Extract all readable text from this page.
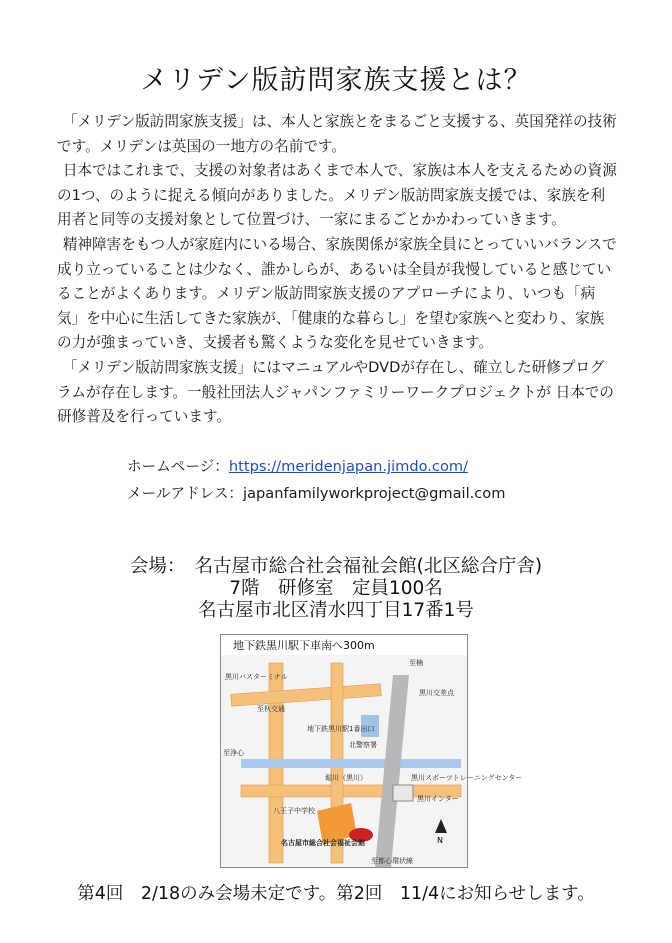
メリデン版訪問家族支援とは？

「メリデン版訪問家族支援」は、本人と家族とをまるごと支援する、英国発祥の技術です。メリデンは英国の一地方の名前です。

日本ではこれまで、支援の対象者はあくまで本人で、家族は本人を支えるための資源の1つ、のように捉える傾向がありました。メリデン版訪問家族支援では、家族を利用者と同等の支援対象として位置づけ、一家にまるごとかかわっていきます。

精神障害をもつ人が家庭内にいる場合、家族関係が家族全員にとっていいバランスで成り立っていることは少なく、誰かしらが、あるいは全員が我慢していると感じていることがよくあります。メリデン版訪問家族支援のアプローチにより、いつも「病気」を中心に生活してきた家族が、「健康的な暮らし」を望む家族へと変わり、家族の力が強まっていき、支援者も驚くような変化を見せていきます。

「メリデン版訪問家族支援」にはマニュアルやDVDが存在し、確立した研修プログラムが存在します。一般社団法人ジャパンファミリーワークプロジェクトが 日本での研修普及を行っています。

ホームページ：https://meridenjapan.jimdo.com/
メールアドレス：japanfamilyworkproject@gmail.com
会場：　名古屋市総合社会福祉会館(北区総合庁舎)
7階　研修室　定員100名
名古屋市北区清水四丁目17番1号
地下鉄黒川駅下車南へ300m
黒川バスターミナル
地下鉄黒川駅1番出口
北警察署
堀川（黒川）	黒川スポーツトレーニングセンター
八王子中学校
名古屋市総合社会福祉会館
黒川インター
黒川交差点
至楠
至都心環状線
至浄心
至杁交通
N
第4回　2/18のみ会場未定です。第2回　11/4にお知らせします。
